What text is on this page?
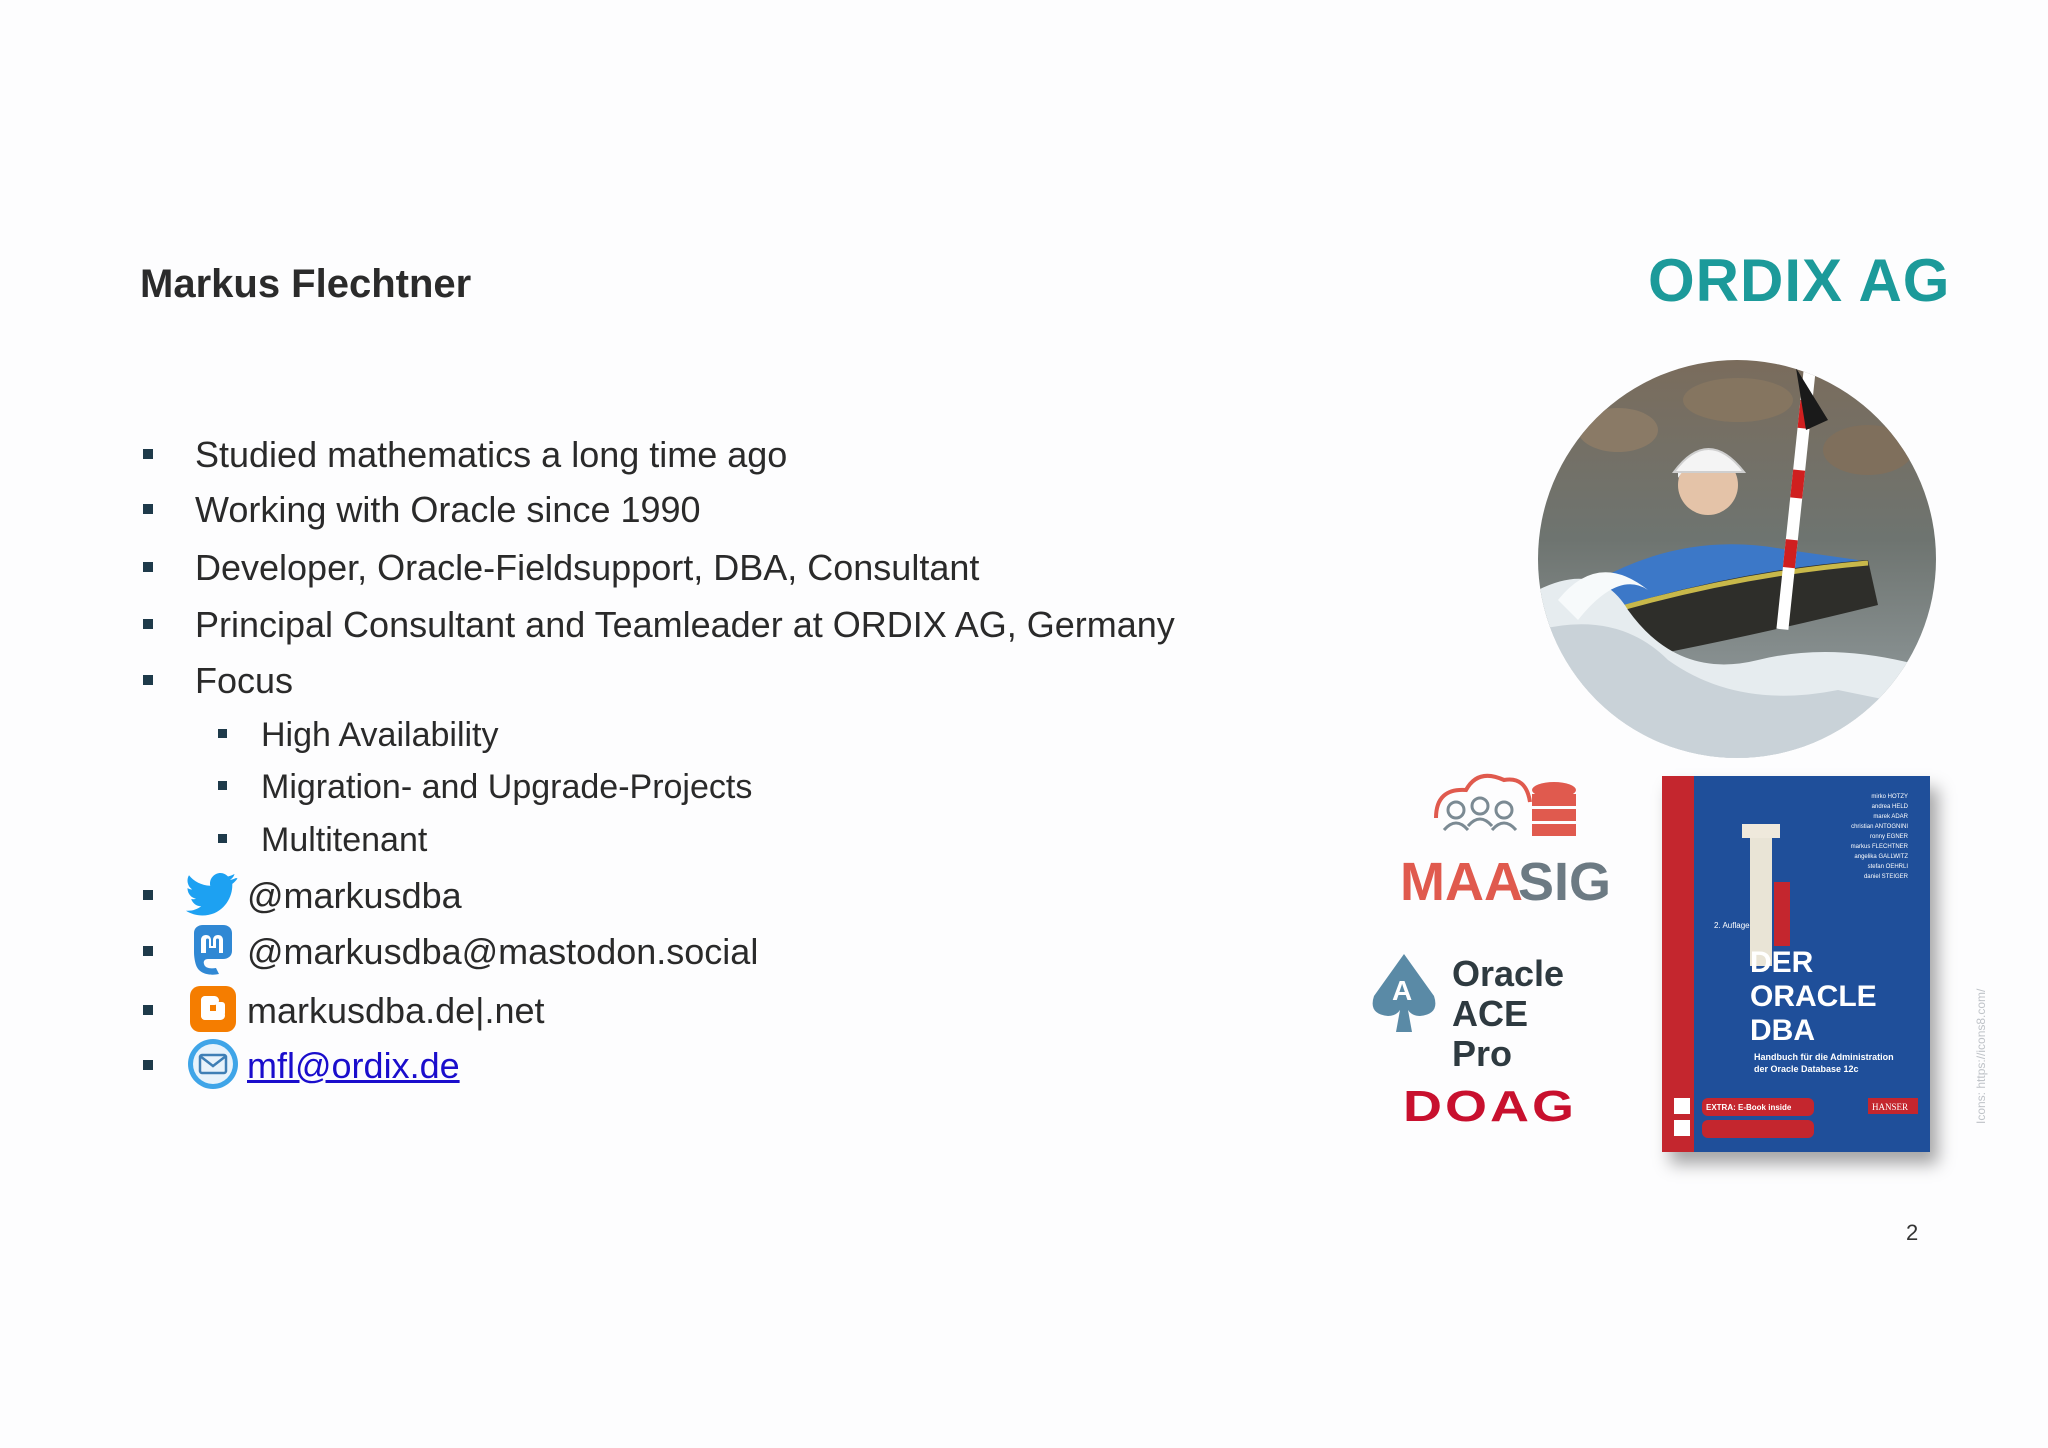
Markus Flechtner	ORDIX AG
Studied mathematics a long time ago
Working with Oracle since 1990
Developer, Oracle-Fieldsupport, DBA, Consultant
Principal Consultant and Teamleader at ORDIX AG, Germany
Focus
High Availability
Migration- and Upgrade-Projects
Multitenant
@markusdba
@markusdba@mastodon.social
markusdba.de|.net
mfl@ordix.de
MAA
SIG
A Oracle ACE
Pro
DOAG
mirko HOTZY
andrea HELD
marek ADAR
christian ANTOGNINI
ronny EGNER
markus FLECHTNER
angelika GALLWITZ
stefan OEHRLI
daniel STEIGER
2. Auflage
DER
ORACLE
DBA
Handbuch für die Administration
der Oracle Database 12c
EXTRA: E-Book inside	HANSER	Icons: https://icons8.com/
2
